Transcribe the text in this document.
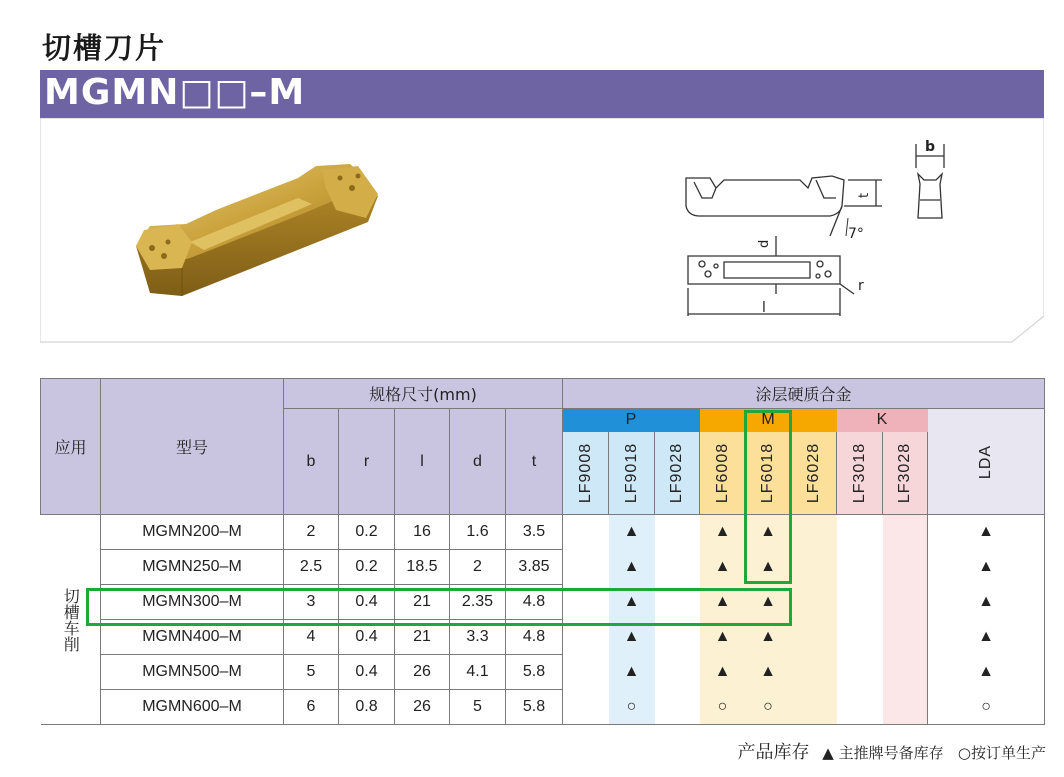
切槽刀片
MGMN□□–M
t
7°
b
d
r
l
应用	型号	规格尺寸(mm)					涂层硬质合金								
		b	r	l	d	t	P			M			K		LDA

							LF9008	LF9018	LF9028	LF6008	LF6018	LF6028	LF3018	LF3028	

切槽车削	MGMN200–M	2	0.2	16	1.6	3.5		▲		▲	▲				▲
	MGMN250–M	2.5	0.2	18.5	2	3.85		▲		▲	▲				▲
	MGMN300–M	3	0.4	21	2.35	4.8		▲		▲	▲				▲
	MGMN400–M	4	0.4	21	3.3	4.8		▲		▲	▲				▲
	MGMN500–M	5	0.4	26	4.1	5.8		▲		▲	▲				▲
	MGMN600–M	6	0.8	26	5	5.8		○		○	○				○
产品库存 ▲ 主推牌号备库存 ○按订单生产
